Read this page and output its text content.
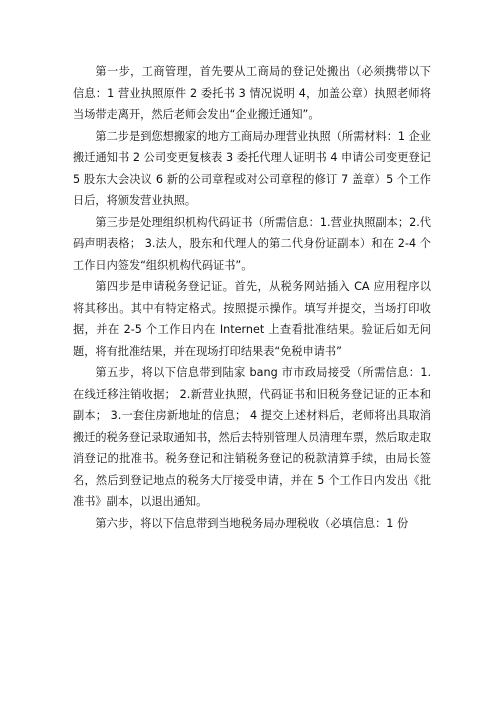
第一步，工商管理，首先要从工商局的登记处搬出（必须携带以下信息：1 营业执照原件 2 委托书 3 情况说明 4，加盖公章）执照老师将当场带走离开，然后老师会发出“企业搬迁通知”。

第二步是到您想搬家的地方工商局办理营业执照（所需材料：1 企业搬迁通知书 2 公司变更复核表 3 委托代理人证明书 4 申请公司变更登记 5 股东大会决议 6 新的公司章程或对公司章程的修订 7 盖章）5 个工作日后，将颁发营业执照。

第三步是处理组织机构代码证书（所需信息：1.营业执照副本；2.代码声明表格； 3.法人，股东和代理人的第二代身份证副本）和在 2-4 个工作日内签发“组织机构代码证书”。

第四步是申请税务登记证。首先，从税务网站插入 CA 应用程序以将其移出。其中有特定格式。按照提示操作。填写并提交，当场打印收据，并在 2-5 个工作日内在 Internet 上查看批准结果。验证后如无问题，将有批准结果，并在现场打印结果表“免税申请书”

第五步，将以下信息带到陆家 bang 市市政局接受（所需信息：1.在线迁移注销收据； 2.新营业执照，代码证书和旧税务登记证的正本和副本； 3.一套住房新地址的信息； 4 提交上述材料后，老师将出具取消搬迁的税务登记录取通知书，然后去特别管理人员清理车票，然后取走取消登记的批准书。税务登记和注销税务登记的税款清算手续，由局长签名，然后到登记地点的税务大厅接受申请，并在 5 个工作日内发出《批准书》副本，以退出通知。

第六步，将以下信息带到当地税务局办理税收（必填信息：1 份
